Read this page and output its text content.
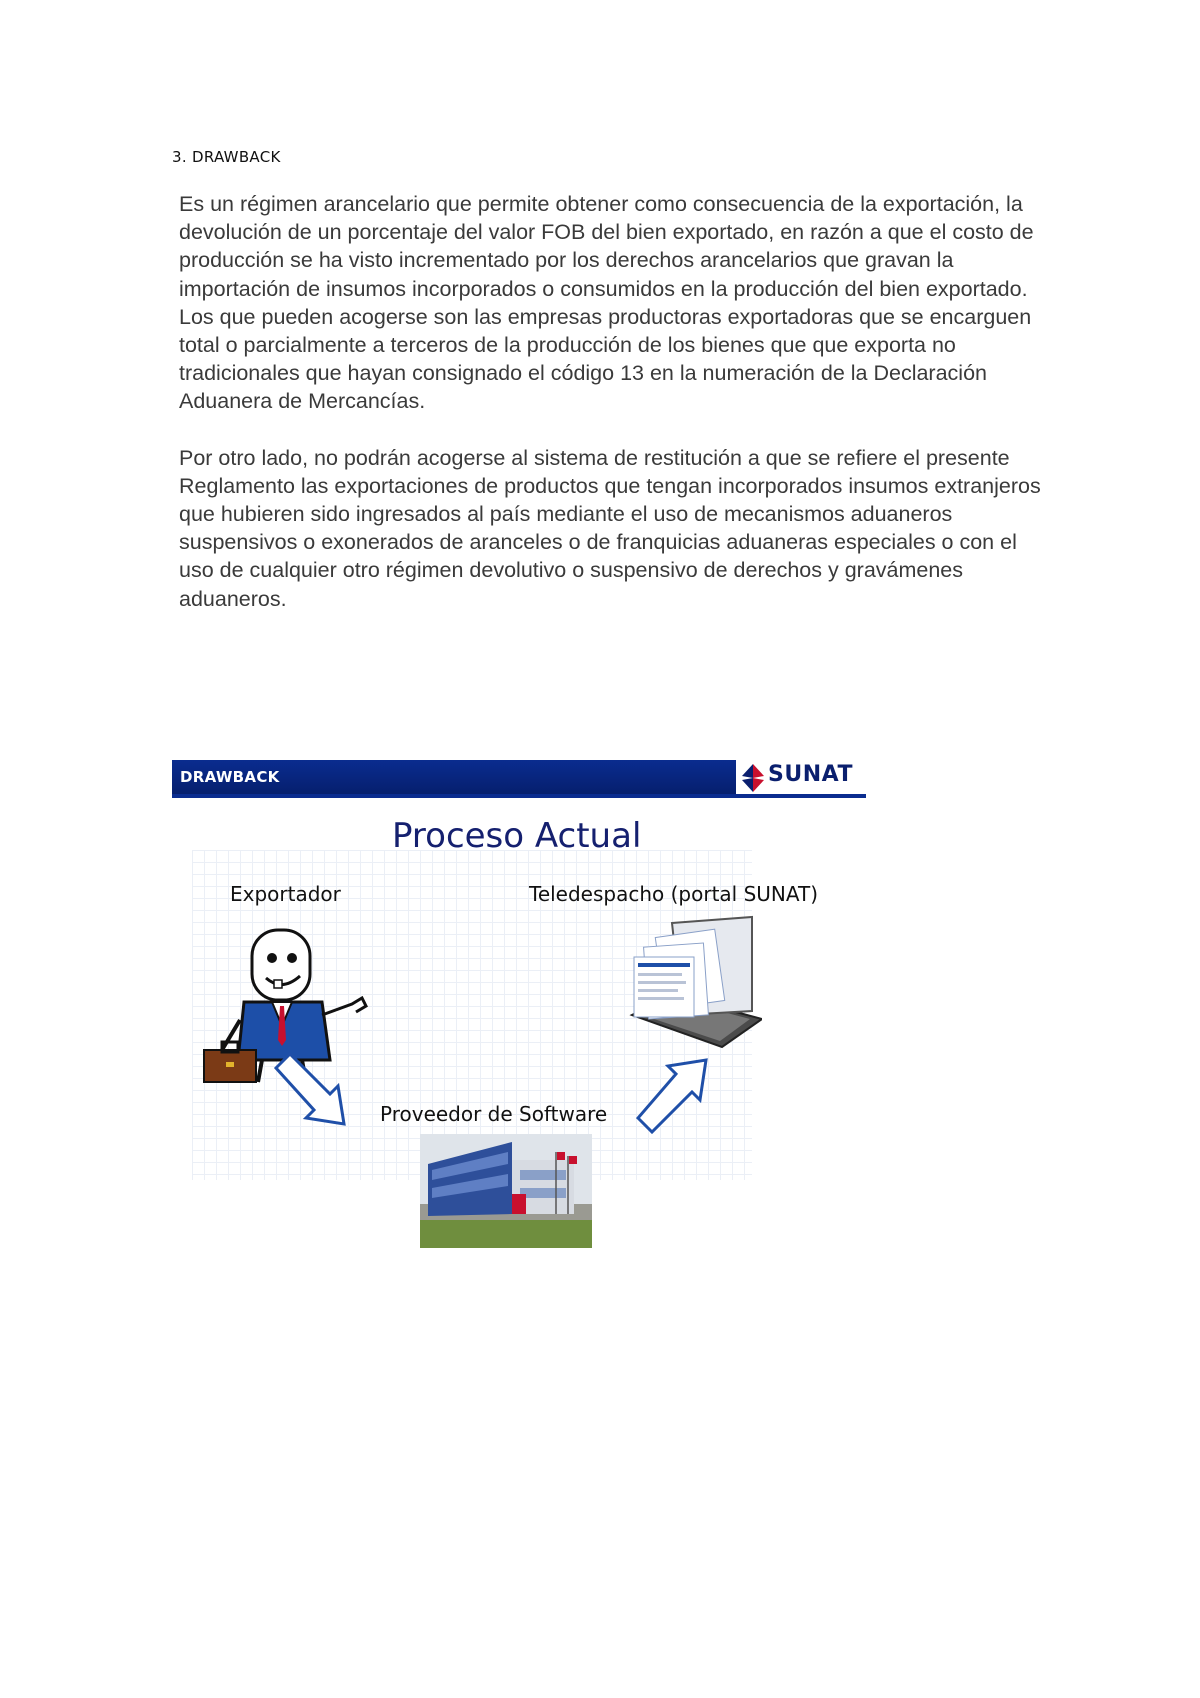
3. DRAWBACK

Es un régimen arancelario que permite obtener como consecuencia de la exportación, la devolución de un porcentaje del valor FOB del bien exportado, en razón a que el costo de producción se ha visto incrementado por los derechos arancelarios que gravan la importación de insumos incorporados o consumidos en la producción del bien exportado.

Los que pueden acogerse son las empresas productoras exportadoras que se encarguen total o parcialmente a terceros de la producción de los bienes que que exporta no tradicionales que hayan consignado el código 13 en la numeración de la Declaración Aduanera de Mercancías.

Por otro lado, no podrán acogerse al sistema de restitución a que se refiere el presente Reglamento las exportaciones de productos que tengan incorporados insumos extranjeros que hubieren sido ingresados al país mediante el uso de mecanismos aduaneros suspensivos o exonerados de aranceles o de franquicias aduaneras especiales o con el uso de cualquier otro régimen devolutivo o suspensivo de derechos y gravámenes aduaneros.

DRAWBACK	SUNAT
Proceso Actual
Exportador	Teledespacho (portal SUNAT)
Proveedor de Software
